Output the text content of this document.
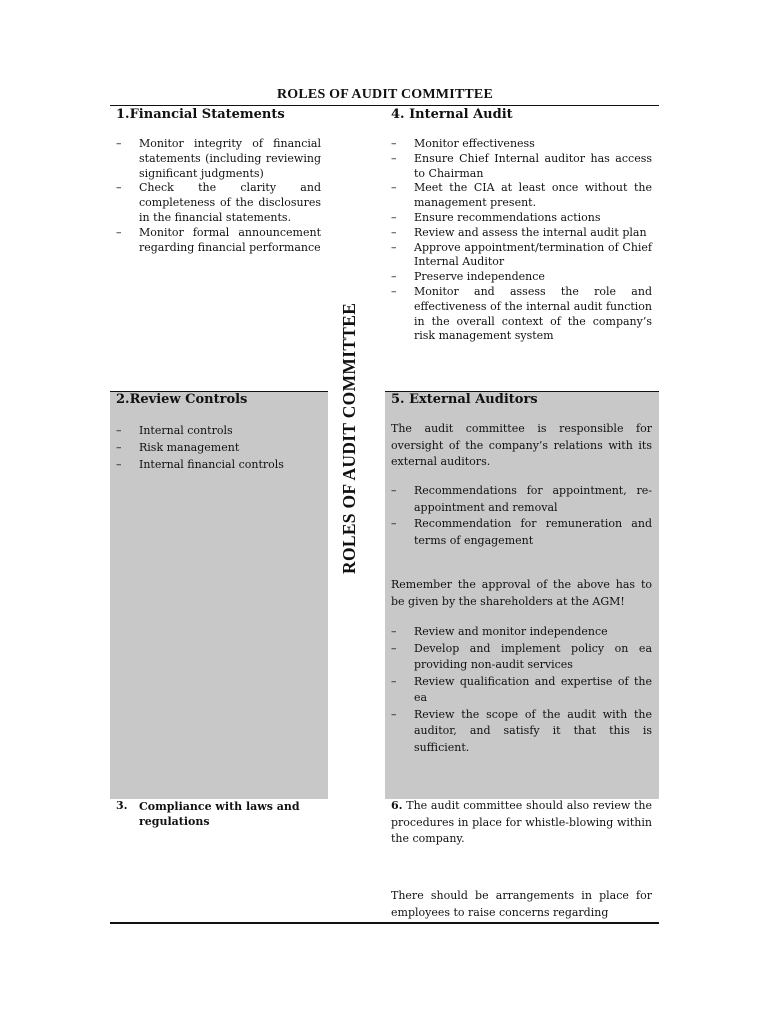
ROLES OF AUDIT COMMITTEE
1.Financial Statements
– Monitor integrity of financial statements (including reviewing significant judgments)
– Check the clarity and completeness of the disclosures in the financial statements.
– Monitor formal announcement regarding financial performance
4. Internal Audit
– Monitor effectiveness
– Ensure Chief Internal auditor has access to Chairman
– Meet the CIA at least once without the management present.
– Ensure recommendations actions
– Review and assess the internal audit plan
– Approve appointment/termination of Chief Internal Auditor
– Preserve independence
– Monitor and assess the role and effectiveness of the internal audit function in the overall context of the company’s risk management system
2.Review Controls
– Internal controls
– Risk management
– Internal financial controls	ROLES OF AUDIT COMMITTEE 5. External Auditors

The audit committee is responsible for oversight of the company’s relations with its external auditors.

– Recommendations for appointment, re-appointment and removal
– Recommendation for remuneration and terms of engagement

Remember the approval of the above has to be given by the shareholders at the AGM!

– Review and monitor independence
– Develop and implement policy on ea providing non-audit services
– Review qualification and expertise of the ea
– Review the scope of the audit with the auditor, and satisfy it that this is sufficient.
3. Compliance with laws and regulations

6. The audit committee should also review the procedures in place for whistle-blowing within the company.

There should be arrangements in place for employees to raise concerns regarding
